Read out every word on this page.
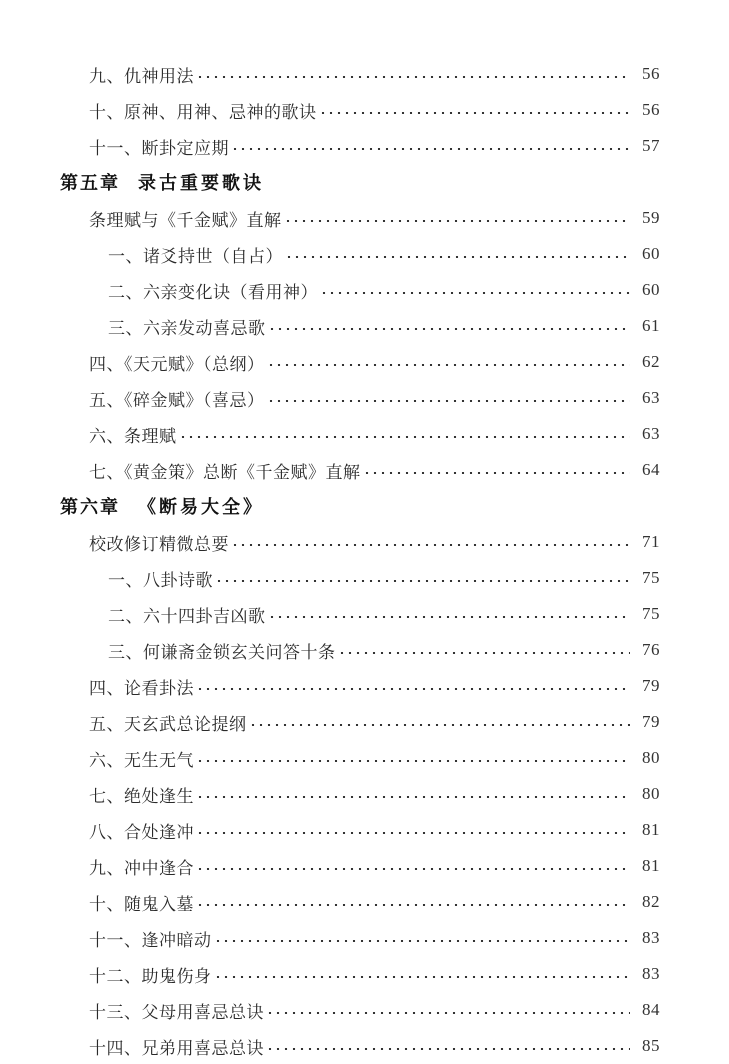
九、仇神用法	56
十、原神、用神、忌神的歌诀	56
十一、断卦定应期	57
第五章 录古重要歌诀
条理赋与《千金赋》直解	59
一、诸爻持世（自占）	60
二、六亲变化诀（看用神）	60
三、六亲发动喜忌歌	61
四、《天元赋》（总纲）	62
五、《碎金赋》（喜忌）	63
六、条理赋	63
七、《黄金策》总断《千金赋》直解	64
第六章 《断易大全》
校改修订精微总要	71
一、八卦诗歌	75
二、六十四卦吉凶歌	75
三、何谦斋金锁玄关问答十条	76
四、论看卦法	79
五、天玄武总论提纲	79
六、无生无气	80
七、绝处逢生	80
八、合处逢冲	81
九、冲中逢合	81
十、随鬼入墓	82
十一、逢冲暗动	83
十二、助鬼伤身	83
十三、父母用喜忌总诀	84
十四、兄弟用喜忌总诀	85
